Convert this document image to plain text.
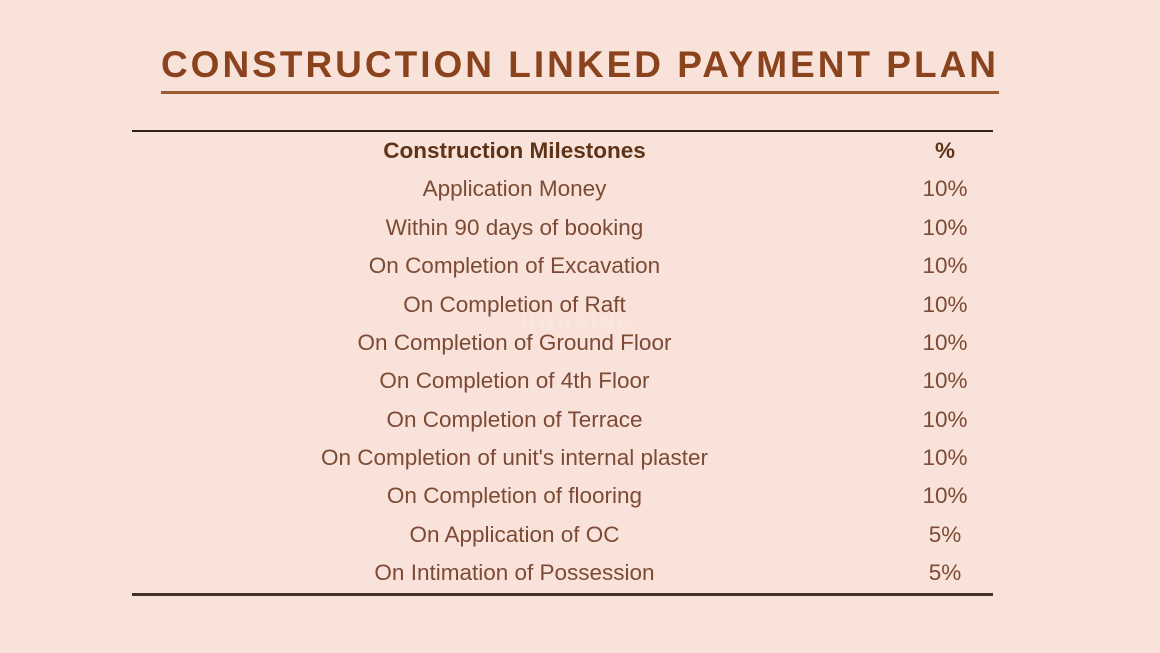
CONSTRUCTION LINKED PAYMENT PLAN
Construction Milestones	%
Application Money	10%
Within 90 days of booking	10%
On Completion of Excavation	10%
On Completion of Raft	10%
On Completion of Ground Floor	10%
On Completion of 4th Floor	10%
On Completion of Terrace	10%
On Completion of unit's internal plaster	10%
On Completion of flooring	10%
On Application of OC	5%
On Intimation of Possession	5%
HOUSING
